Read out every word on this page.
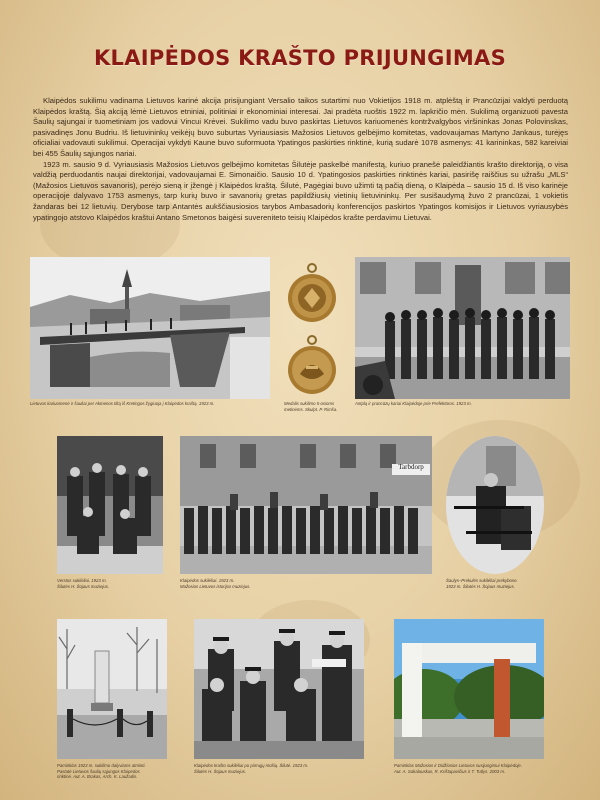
KLAIPĖDOS KRAŠTO PRIJUNGIMAS

Klaipėdos sukilimu vadinama Lietuvos karinė akcija prisijungiant Versalio taikos sutartimi nuo Vokietijos 1918 m. atplėštą ir Prancūzijai valdyti perduotą Klaipėdos kraštą. Šią akciją lėmė Lietuvos etniniai, politiniai ir ekonominiai interesai. Jai pradėta ruoštis 1922 m. lapkričio mėn. Sukilimą organizuoti pavesta Šaulių sąjungai ir tuometiniam jos vadovui Vincui Krėvei. Sukilimo vadu buvo paskirtas Lietuvos kariuomenės kontržvalgybos viršininkas Jonas Polovinskas, pasivadinęs Jonu Budriu. Iš lietuvininkų veikėjų buvo suburtas Vyriausiasis Mažosios Lietuvos gelbėjimo komitetas, vadovaujamas Martyno Jankaus, turėjęs oficialiai vadovauti sukilimui. Operacijai vykdyti Kaune buvo suformuota Ypatingos paskirties rinktinė, kurią sudarė 1078 asmenys: 41 karininkas, 582 kareiviai bei 455 Šaulių sąjungos nariai.

1923 m. sausio 9 d. Vyriausiasis Mažosios Lietuvos gelbėjimo komitetas Šilutėje paskelbė manifestą, kuriuo pranešė paleidžiantis krašto direktoriją, o visa valdžią perduodantis naujai direktorijai, vadovaujamai E. Simonaičio. Sausio 10 d. Ypatingosios paskirties rinktinės kariai, pasirišę raiščius su užrašu „MLS“ (Mažosios Lietuvos savanoris), perėjo sieną ir įžengė į Klaipėdos kraštą. Šilutė, Pagėgiai buvo užimti tą pačią dieną, o Klaipėda – sausio 15 d. Iš viso karinėje operacijoje dalyvavo 1753 asmenys, tarp kurių buvo ir savanorių gretas papildžiusių vietinių lietuvininkų. Per susišaudymą žuvo 2 prancūzai, 1 vokietis žandaras bei 12 lietuvių. Derybose tarp Antantės aukščiausiosios tarybos Ambasadorių konferencijos paskirtos Ypatingos komisijos ir Lietuvos vyriausybės ypatingojo atstovo Klaipėdos kraštui Antano Smetonos baigėsi suvereniteto teisių Klaipėdos krašte perdavimu Lietuvai.

Lietuvos kariuomenė ir šauliai per Akmenos tiltą iš Kretingos žygiuoja į Klaipėdos kraštą. 1923 m.	Medalis sukilimo 5-osioms
metinėms. Skulpt. P. Rimša.
Antplą ir prancūzų kariai Klaipėdoje prie Prefektūros. 1923 m.
Verstos sukilėliai. 1923 m.
Šilutės H. Šojaus muziejus.
Tarbdorp
Klaipėdos sukilėliai. 1923 m.
Mažosios Lietuvos istorijos muziejus.
Šaulys–Prekulės sukilėliai prekybose.
1923 m. Šilutės H. Šojaus muziejus.
Paminklas 1923 m. sukilimo dalyviams atminti.
Pastatė Lietuvos šaulių sąjungos Klaipėdos
rinktinė. Aut. A. Brakas, Arch. K. Laužadis.
Klaipėdos krašto sukilėliai po pirmųjų mūšių. Šilutė. 1923 m.
Šilutės H. Šojaus muziejus.
Paminklas Mažosios ir Didžiosios Lietuvos susijungimui Klaipėdoje.
Aut. A. Sakalauskas, R. Krištapavičius ir T. Tutlys. 2003 m.
